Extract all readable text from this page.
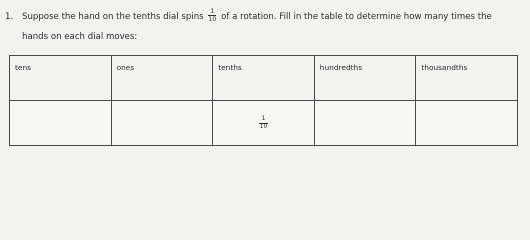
1. Suppose the hand on the tenths dial spins $\frac{1}{10}$ of a rotation. Fill in the table to determine how many times the
hands on each dial moves:
tens	ones	tenths	hundredths	thousandths

		$\frac{1}{10}$
